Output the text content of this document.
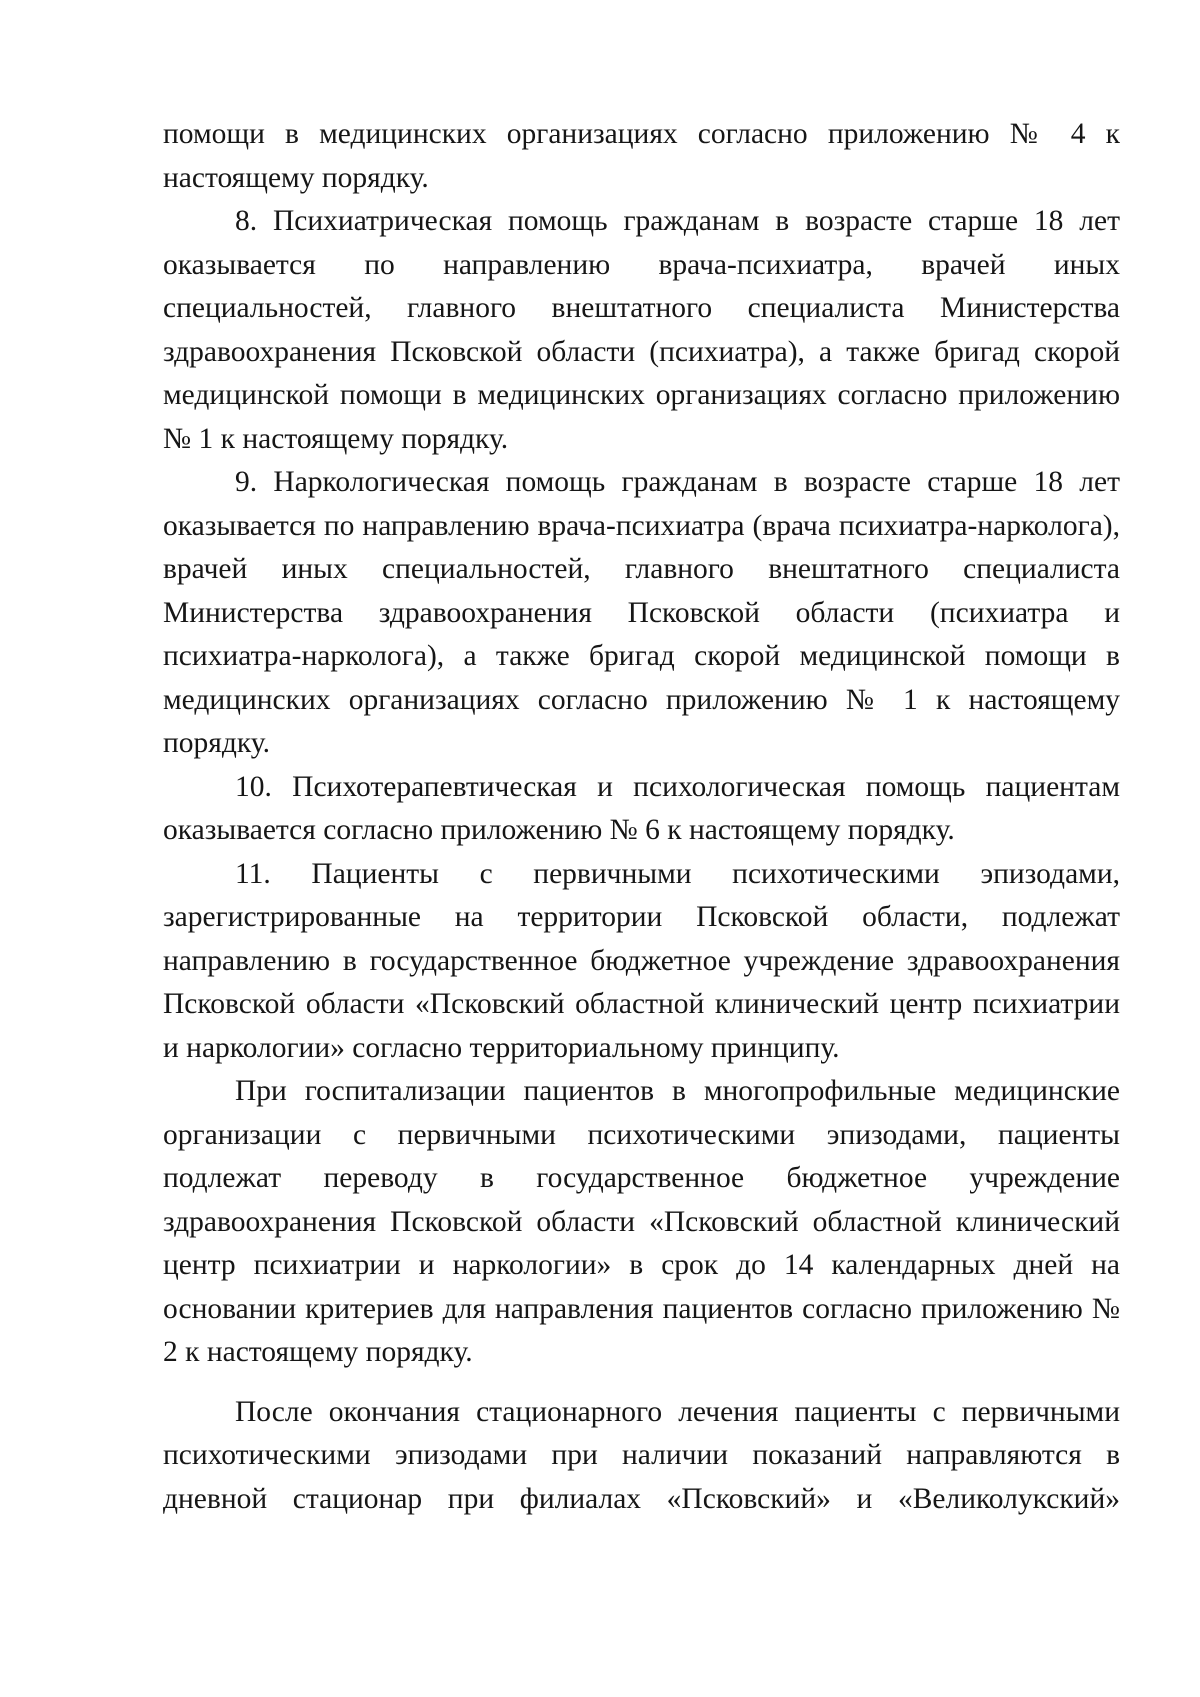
помощи в медицинских организациях согласно приложению № 4 к настоящему порядку.

8. Психиатрическая помощь гражданам в возрасте старше 18 лет оказывается по направлению врача-психиатра, врачей иных специальностей, главного внештатного специалиста Министерства здравоохранения Псковской области (психиатра), а также бригад скорой медицинской помощи в медицинских организациях согласно приложению № 1 к настоящему порядку.

9. Наркологическая помощь гражданам в возрасте старше 18 лет оказывается по направлению врача-психиатра (врача психиатра-нарколога), врачей иных специальностей, главного внештатного специалиста Министерства здравоохранения Псковской области (психиатра и психиатра-нарколога), а также бригад скорой медицинской помощи в медицинских организациях согласно приложению № 1 к настоящему порядку.

10. Психотерапевтическая и психологическая помощь пациентам оказывается согласно приложению № 6 к настоящему порядку.

11. Пациенты с первичными психотическими эпизодами, зарегистрированные на территории Псковской области, подлежат направлению в государственное бюджетное учреждение здравоохранения Псковской области «Псковский областной клинический центр психиатрии и наркологии» согласно территориальному принципу.

При госпитализации пациентов в многопрофильные медицинские организации с первичными психотическими эпизодами, пациенты подлежат переводу в государственное бюджетное учреждение здравоохранения Псковской области «Псковский областной клинический центр психиатрии и наркологии» в срок до 14 календарных дней на основании критериев для направления пациентов согласно приложению № 2 к настоящему порядку.

После окончания стационарного лечения пациенты с первичными психотическими эпизодами при наличии показаний направляются в дневной стационар при филиалах «Псковский» и «Великолукский»
